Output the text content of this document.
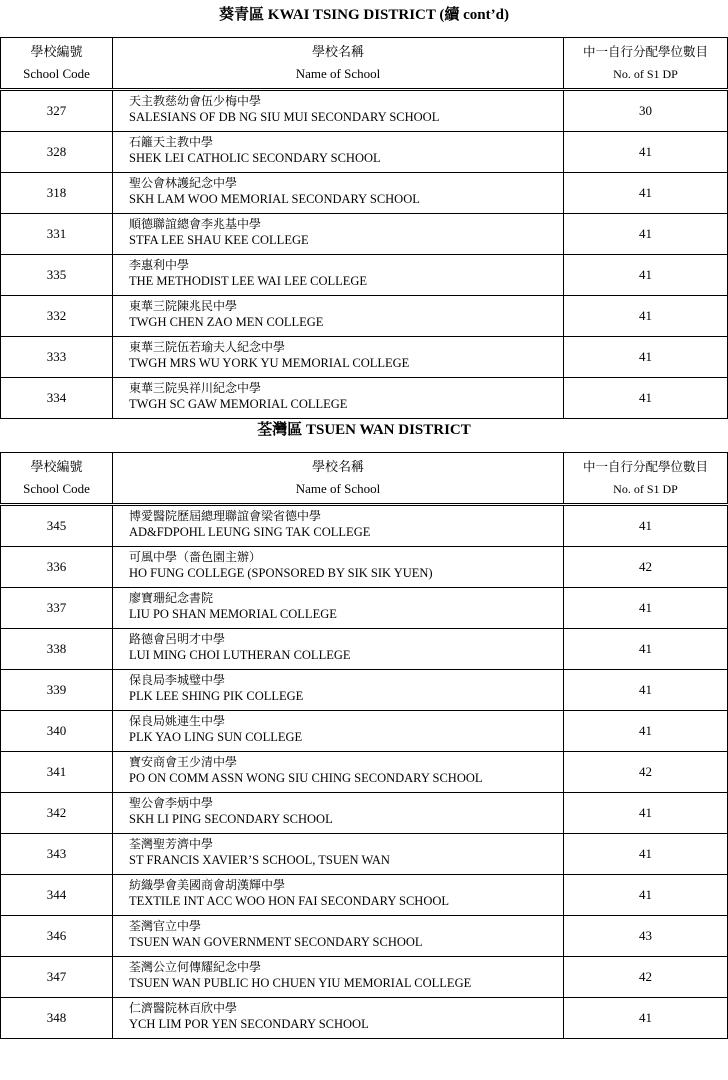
葵青區 KWAI TSING DISTRICT (續 cont’d)
學校編號
School Code	學校名稱
Name of School	中一自行分配學位數目
No. of S1 DP

327	天主教慈幼會伍少梅中學
SALESIANS OF DB NG SIU MUI SECONDARY SCHOOL	30
328	石籬天主教中學
SHEK LEI CATHOLIC SECONDARY SCHOOL	41
318	聖公會林護紀念中學
SKH LAM WOO MEMORIAL SECONDARY SCHOOL	41
331	順德聯誼總會李兆基中學
STFA LEE SHAU KEE COLLEGE	41
335	李惠利中學
THE METHODIST LEE WAI LEE COLLEGE	41
332	東華三院陳兆民中學
TWGH CHEN ZAO MEN COLLEGE	41
333	東華三院伍若瑜夫人紀念中學
TWGH MRS WU YORK YU MEMORIAL COLLEGE	41
334	東華三院吳祥川紀念中學
TWGH SC GAW MEMORIAL COLLEGE	41
荃灣區 TSUEN WAN DISTRICT
學校編號
School Code	學校名稱
Name of School	中一自行分配學位數目
No. of S1 DP

345	博愛醫院歷屆總理聯誼會梁省德中學
AD&FDPOHL LEUNG SING TAK COLLEGE	41
336	可風中學（嗇色園主辦）
HO FUNG COLLEGE (SPONSORED BY SIK SIK YUEN)	42
337	廖寶珊紀念書院
LIU PO SHAN MEMORIAL COLLEGE	41
338	路德會呂明才中學
LUI MING CHOI LUTHERAN COLLEGE	41
339	保良局李城璧中學
PLK LEE SHING PIK COLLEGE	41
340	保良局姚連生中學
PLK YAO LING SUN COLLEGE	41
341	寶安商會王少清中學
PO ON COMM ASSN WONG SIU CHING SECONDARY SCHOOL	42
342	聖公會李炳中學
SKH LI PING SECONDARY SCHOOL	41
343	荃灣聖芳濟中學
ST FRANCIS XAVIER’S SCHOOL, TSUEN WAN	41
344	紡織學會美國商會胡漢輝中學
TEXTILE INT ACC WOO HON FAI SECONDARY SCHOOL	41
346	荃灣官立中學
TSUEN WAN GOVERNMENT SECONDARY SCHOOL	43
347	荃灣公立何傳耀紀念中學
TSUEN WAN PUBLIC HO CHUEN YIU MEMORIAL COLLEGE	42
348	仁濟醫院林百欣中學
YCH LIM POR YEN SECONDARY SCHOOL	41
